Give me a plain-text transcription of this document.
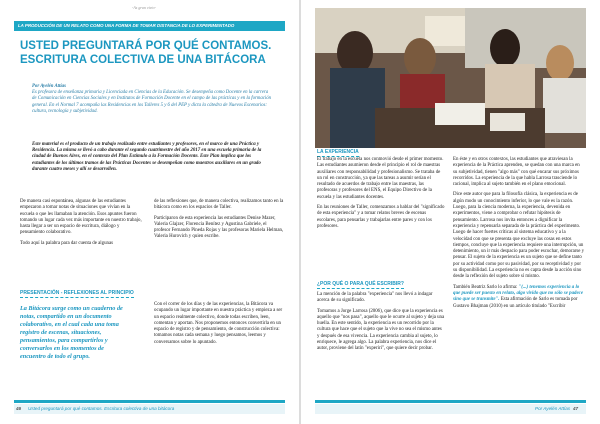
-As gran vieto-
LA PRODUCCIÓN DE UN RELATO COMO UNA FORMA DE TOMAR DISTANCIA DE LO EXPERIMENTADO
USTED PREGUNTARÁ POR QUÉ CONTAMOS.
ESCRITURA COLECTIVA DE UNA BITÁCORA
Por Ayelén Attías
Es profesora de enseñanza primaria y Licenciada en Ciencias de la Educación. Se desempeña como Docente en la carrera de Comunicación en Ciencias Sociales y en Institutos de Formación Docente en el campo de las prácticas y en la formación general. En el Normal 7 acompaña las Residencias en los Talleres 5 y 6 del PEP y dicta la cátedra de Nuevos Escenarios: cultura, tecnología y subjetividad.
Este material es el producto de un trabajo realizado entre estudiantes y profesores, en el marco de una Práctica y Residencia. La misma se llevó a cabo durante el segundo cuatrimestre del año 2017 en una escuela primaria de la ciudad de Buenos Aires, en el contexto del Plan Estímulo a la Formación Docente. Este Plan implica que los estudiantes de los últimos tramos de las Prácticas Docentes se desempeñan como maestros auxiliares en un grado durante cuatro meses y allí se desarrollen.

De manera casi espontánea, algunas de las estudiantes empezaron a tomar notas de situaciones que vivían en la escuela o que les llamaban la atención. Esos apuntes fueron tomando un lugar cada vez más importante en nuestro trabajo, hasta llegar a ser un espacio de escritura, diálogo y pensamiento colaborativo.

Todo aquí la palabra para dar cuenta de algunas

de las reflexiones que, de manera colectiva, realizamos tanto en la bitácora como en los espacios de Taller.

Participaron de esta experiencia las estudiantes Denise Mazer, Valeria Glajzer, Florencia Benítez y Agustina Gabriele, el profesor Fernando Pineda Rojas y las profesoras Mariela Helman, Valeria Hurovich y quien escribe.

PRESENTACIÓN - REFLEXIONES AL PRINCIPIO
La Bitácora surge como un cuaderno de notas, compartido en un documento colaborativo, en el cual cada una toma registro de escenas, situaciones, pensamientos, para compartirlos y conversarlos en los momentos de encuentro de todo el grupo.

Con el correr de los días y de las experiencias, la Bitácora va ocupando un lugar importante en nuestra práctica y empieza a ser un espacio realmente colectivo, donde todas escriben, leen, comentan y aportan. Nos proponemos entonces convertirla en un espacio de registro y de pensamiento, de construcción colectiva: tomamos notas cada semana y luego pensamos, leemos y conversamos sobre lo apuntado.

46 Usted preguntará por qué contamos. Escritura colectiva de una bitácora
LA EXPERIENCIA

El trabajo en la escuela nos conmovió desde el primer momento. Las estudiantes asumieron desde el principio el rol de maestras auxiliares con responsabilidad y profesionalismo. Se trataba de un rol en construcción, ya que las tareas a asumir serían el resultado de acuerdos de trabajo entre las maestras, las profesoras y profesores del ENS, el Equipo Directivo de la escuela y las estudiantes docentes.

En las reuniones de Taller, comenzamos a hablar del "significado de esta experiencia" y a tomar relatos breves de escenas escolares, para pensarlas y trabajarlas entre pares y con los profesores.

¿POR QUÉ O PARA QUÉ ESCRIBIR?

La mención de la palabra "experiencia" nos llevó a indagar acerca de su significado.

Tomamos a Jorge Larrosa (2006), que dice que la experiencia es aquello que "nos pasa", aquello que le ocurre al sujeto y deja una huella. En este sentido, la experiencia es un recorrido por la cultura que hace que el sujeto que la vive no sea el mismo antes y después de esa vivencia. La experiencia cambia al sujeto, lo enriquece, le agrega algo. La palabra experiencia, nos dice el autor, proviene del latín "experiri", que quiere decir probar.

En éste y en otros contextos, las estudiantes que atraviesan la experiencia de la Práctica aprenden, se quedan con una marca en su subjetividad, tienen "algo más" con qué encarar sus próximos recorridos. La experiencia de la que habla Larrosa trasciende lo racional, implica al sujeto también en el plano emocional.

Dice este autor que para la filosofía clásica, la experiencia es de algún modo un conocimiento inferior, lo que vale es la razón. Luego, para la ciencia moderna, la experiencia, devenida en experimentos, viene a comprobar o refutar hipótesis de pensamiento. Larrosa nos invita entonces a dignificar la experiencia y repensarla separada de la práctica del experimento. Luego de hacer fuertes críticas al sistema educativo y a la velocidad con que se presenta que excluye las cosas en estos tiempos, concluye que la experiencia requiere una interrupción, un detenimiento, un ir más despacio para poder escuchar, demorarse y pensar. El sujeto de la experiencia es un sujeto que se define tanto por su actividad como por su pasividad, por su receptividad y por su disponibilidad. La experiencia no es capta desde la acción sino desde la reflexión del sujeto sobre sí mismo.

También Beatriz Sarlo lo afirma: "(...) tenemos experiencia a lo que puede ser puesto en relato, algo vivido que no sólo se padece sino que se transmite". Esta afirmación de Sarlo es tomada por Gustavo Bhajman (2010) en un artículo titulado "Escribir

Por Ayelén Attías 47
